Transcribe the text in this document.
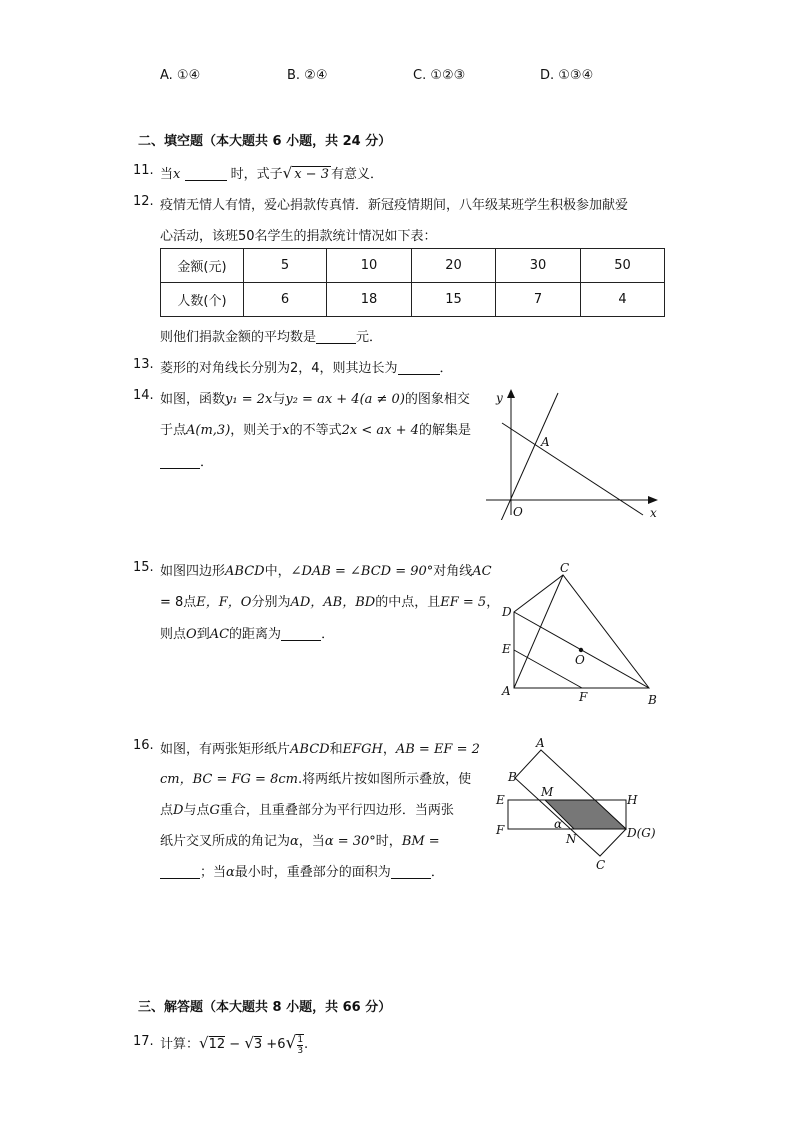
A. ①④	B. ②④	C. ①②③	D. ①③④
二、填空题（本大题共 6 小题，共 24 分）
11. 当x	时，式子√ x − 3 有意义．
12. 疫情无情人有情，爱心捐款传真情．新冠疫情期间，八年级某班学生积极参加献爱
心活动，该班50名学生的捐款统计情况如下表：
金额(元)	5	10	20	30	50
人数(个)	6	18	15	7	4
则他们捐款金额的平均数是	元．
13. 菱形的对角线长分别为2，4，则其边长为	．
14. 如图，函数y₁ = 2x与y₂ = ax + 4(a ≠ 0)的图象相交
于点A(m,3)，则关于x的不等式2x < ax + 4的解集是
．
y
x
O
A
15. 如图四边形ABCD中，∠DAB = ∠BCD = 90°对角线AC
= 8点E，F，O分别为AD，AB，BD的中点，且EF = 5，
则点O到AC的距离为	．
C
D
E
A	F	B
O
16. 如图，有两张矩形纸片ABCD和EFGH，AB = EF = 2
cm，BC = FG = 8cm.将两纸片按如图所示叠放，使
点D与点G重合，且重叠部分为平行四边形．当两张
纸片交叉所成的角记为α，当α = 30°时，BM =
；当α最小时，重叠部分的面积为	．
A
B
E
M
H
F	α
N	D(G)
C
三、解答题（本大题共 8 小题，共 66 分）
17. 计算：$√12 - √3 +6√ \frac{1}{3}$ .
